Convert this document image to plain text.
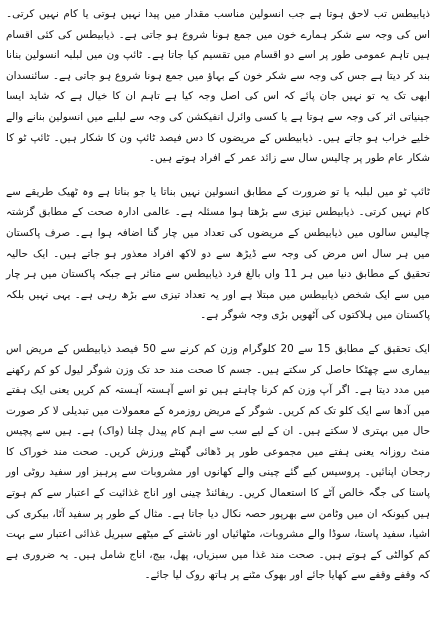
ذیابیطس تب لاحق ہوتا ہے جب انسولین مناسب مقدار میں پیدا نہیں ہوتی یا کام نہیں کرتی۔ اس کی وجہ سے شکر ہمارے خون میں جمع ہونا شروع ہو جاتی ہے۔ ذیابیطس کی کئی اقسام ہیں تاہم عمومی طور پر اسے دو اقسام میں تقسیم کیا جاتا ہے۔ ٹائپ ون میں لبلبہ انسولین بنانا بند کر دیتا ہے جس کی وجہ سے شکر خون کے بہاؤ میں جمع ہونا شروع ہو جاتی ہے۔ سائنسدان ابھی تک یہ تو نہیں جان پائے کہ اس کی اصل وجہ کیا ہے تاہم ان کا خیال ہے کہ شاید ایسا جینیاتی اثر کی وجہ سے ہوتا ہے یا کسی وائرل انفیکشن کی وجہ سے لبلبے میں انسولین بنانے والے خلیے خراب ہو جاتے ہیں۔ ذیابیطس کے مریضوں کا دس فیصد ٹائپ ون کا شکار ہیں۔ ٹائپ ٹو کا شکار عام طور پر چالیس سال سے زائد عمر کے افراد ہوتے ہیں۔

ٹائپ ٹو میں لبلبہ یا تو ضرورت کے مطابق انسولین نہیں بناتا یا جو بناتا ہے وہ ٹھیک طریقے سے کام نہیں کرتی۔ ذیابیطس تیزی سے بڑھتا ہوا مسئلہ ہے۔ عالمی ادارہ صحت کے مطابق گزشتہ چالیس سالوں میں ذیابیطس کے مریضوں کی تعداد میں چار گنا اضافہ ہوا ہے۔ صرف پاکستان میں ہر سال اس مرض کی وجہ سے ڈیڑھ سے دو لاکھ افراد معذور ہو جاتے ہیں۔ ایک حالیہ تحقیق کے مطابق دنیا میں ہر 11 واں بالغ فرد ذیابیطس سے متاثر ہے جبکہ پاکستان میں ہر چار میں سے ایک شخص ذیابیطس میں مبتلا ہے اور یہ تعداد تیزی سے بڑھ رہی ہے۔ یہی نہیں بلکہ پاکستان میں ہلاکتوں کی آٹھویں بڑی وجہ شوگر ہے۔

ایک تحقیق کے مطابق 15 سے 20 کلوگرام وزن کم کرنے سے 50 فیصد ذیابیطس کے مریض اس بیماری سے چھٹکا حاصل کر سکتے ہیں۔ جسم کا صحت مند حد تک وزن شوگر لیول کو کم رکھنے میں مدد دیتا ہے۔ اگر آپ وزن کم کرنا چاہتے ہیں تو اسے آہستہ آہستہ کم کریں یعنی ایک ہفتے میں آدھا سے ایک کلو تک کم کریں۔ شوگر کے مریض روزمرہ کے معمولات میں تبدیلی لا کر صورت حال میں بہتری لا سکتے ہیں۔ ان کے لیے سب سے اہم کام پیدل چلنا (واک) ہے۔ ہیں سے پچیس منٹ روزانہ یعنی ہفتے میں مجموعی طور پر ڈھائی گھنٹے ورزش کریں۔ صحت مند خوراک کا رجحان اپنائیں۔ پروسیس کیے گئے چینی والے کھانوں اور مشروبات سے پرہیز اور سفید روٹی اور پاستا کی جگہ خالص آٹے کا استعمال کریں۔ ریفائنڈ چینی اور اناج غذائیت کے اعتبار سے کم ہوتے ہیں کیونکہ ان میں وٹامن سے بھرپور حصہ نکال دیا جاتا ہے۔ مثال کے طور پر سفید آٹا، بیکری کی اشیا، سفید پاستا، سوڈا والے مشروبات، مٹھائیاں اور ناشتے کے میٹھے سیریل غذائی اعتبار سے بہت کم کوالٹی کے ہوتے ہیں۔ صحت مند غذا میں سبزیاں، پھل، بیج، اناج شامل ہیں۔ یہ ضروری ہے کہ وقفے وقفے سے کھایا جائے اور بھوک مٹنے پر ہاتھ روک لیا جائے۔
